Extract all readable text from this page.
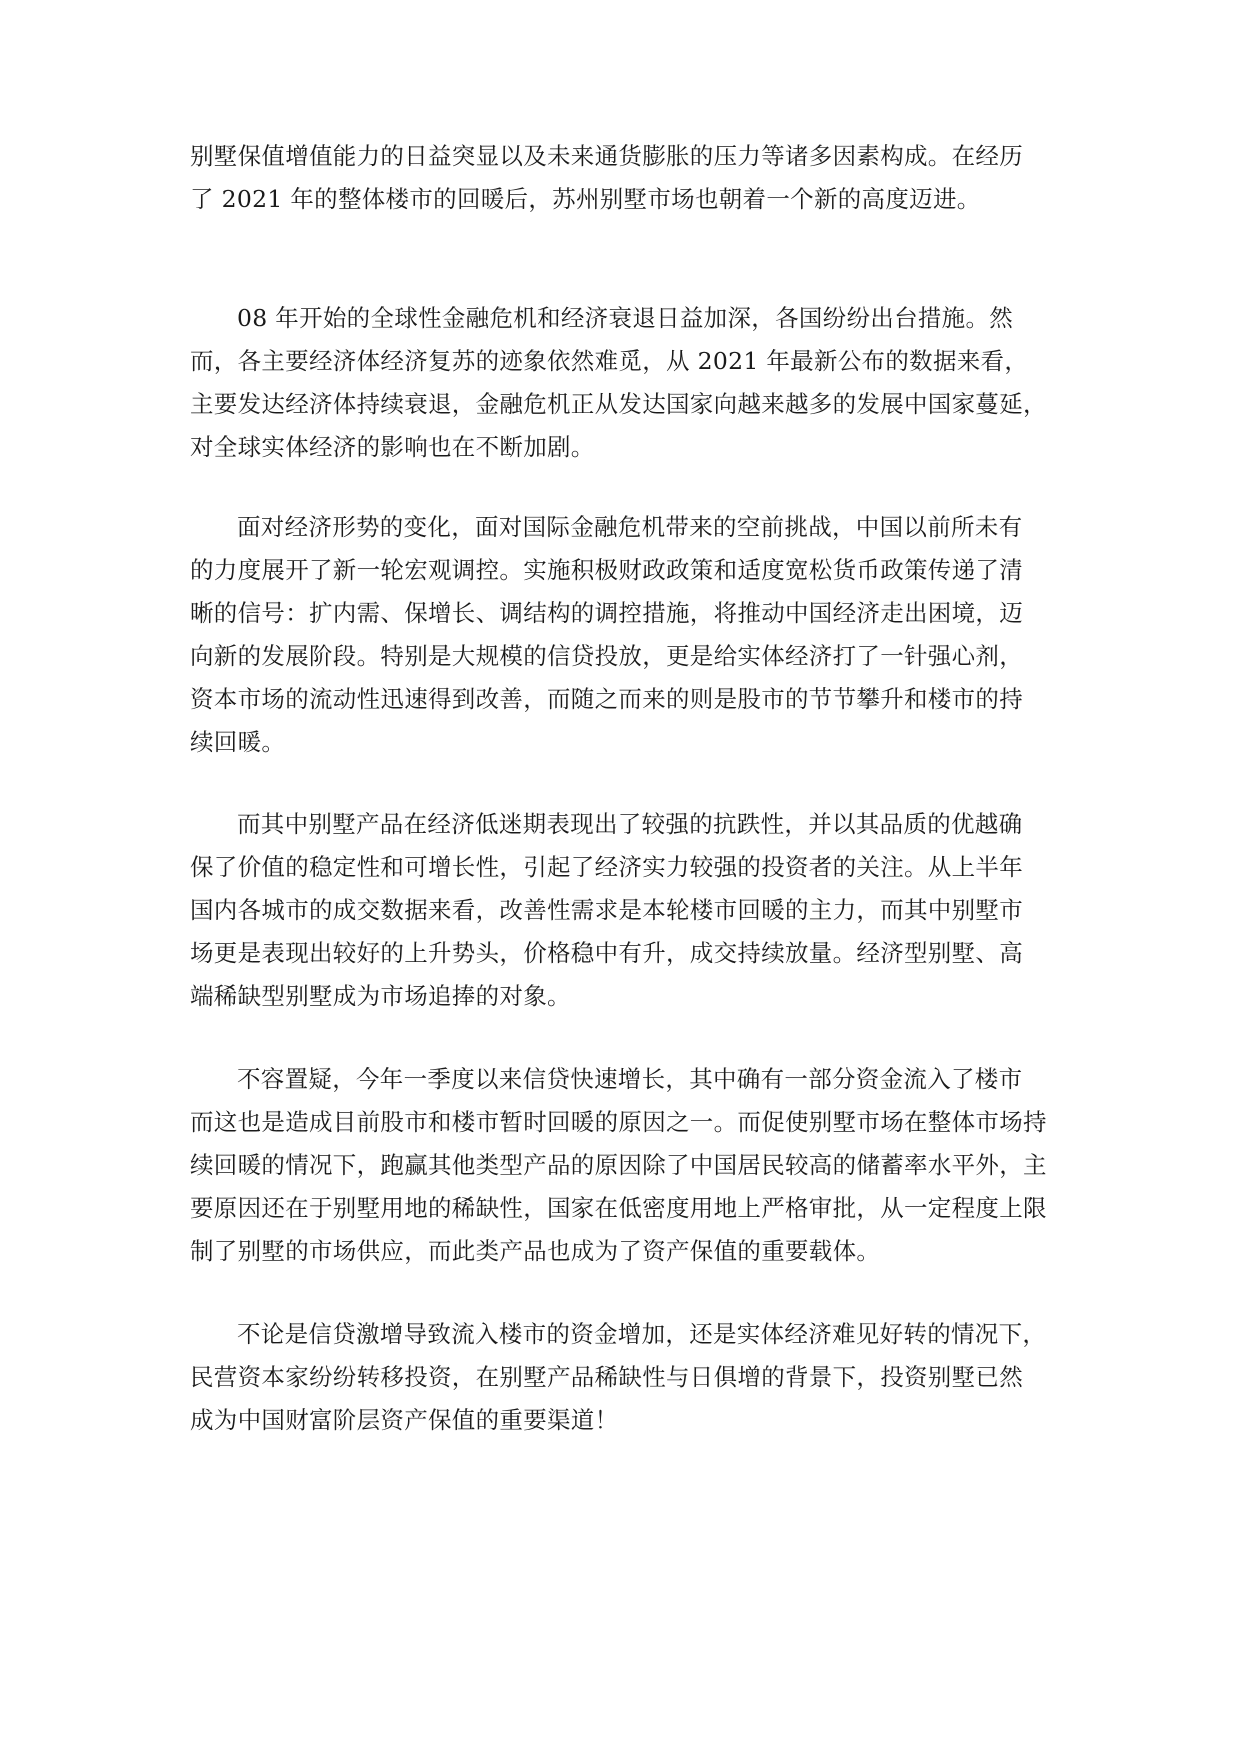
别墅保值增值能力的日益突显以及未来通货膨胀的压力等诸多因素构成。在经历
了 2021 年的整体楼市的回暖后，苏州别墅市场也朝着一个新的高度迈进。
08 年开始的全球性金融危机和经济衰退日益加深，各国纷纷出台措施。然
而，各主要经济体经济复苏的迹象依然难觅，从 2021 年最新公布的数据来看，
主要发达经济体持续衰退，金融危机正从发达国家向越来越多的发展中国家蔓延，
对全球实体经济的影响也在不断加剧。
面对经济形势的变化，面对国际金融危机带来的空前挑战，中国以前所未有
的力度展开了新一轮宏观调控。实施积极财政政策和适度宽松货币政策传递了清
晰的信号：扩内需、保增长、调结构的调控措施，将推动中国经济走出困境，迈
向新的发展阶段。特别是大规模的信贷投放，更是给实体经济打了一针强心剂，
资本市场的流动性迅速得到改善，而随之而来的则是股市的节节攀升和楼市的持
续回暖。
而其中别墅产品在经济低迷期表现出了较强的抗跌性，并以其品质的优越确
保了价值的稳定性和可增长性，引起了经济实力较强的投资者的关注。从上半年
国内各城市的成交数据来看，改善性需求是本轮楼市回暖的主力，而其中别墅市
场更是表现出较好的上升势头，价格稳中有升，成交持续放量。经济型别墅、高
端稀缺型别墅成为市场追捧的对象。
不容置疑，今年一季度以来信贷快速增长，其中确有一部分资金流入了楼市
而这也是造成目前股市和楼市暂时回暖的原因之一。而促使别墅市场在整体市场持
续回暖的情况下，跑赢其他类型产品的原因除了中国居民较高的储蓄率水平外，主
要原因还在于别墅用地的稀缺性，国家在低密度用地上严格审批，从一定程度上限
制了别墅的市场供应，而此类产品也成为了资产保值的重要载体。
不论是信贷激增导致流入楼市的资金增加，还是实体经济难见好转的情况下，
民营资本家纷纷转移投资，在别墅产品稀缺性与日俱增的背景下，投资别墅已然
成为中国财富阶层资产保值的重要渠道！
